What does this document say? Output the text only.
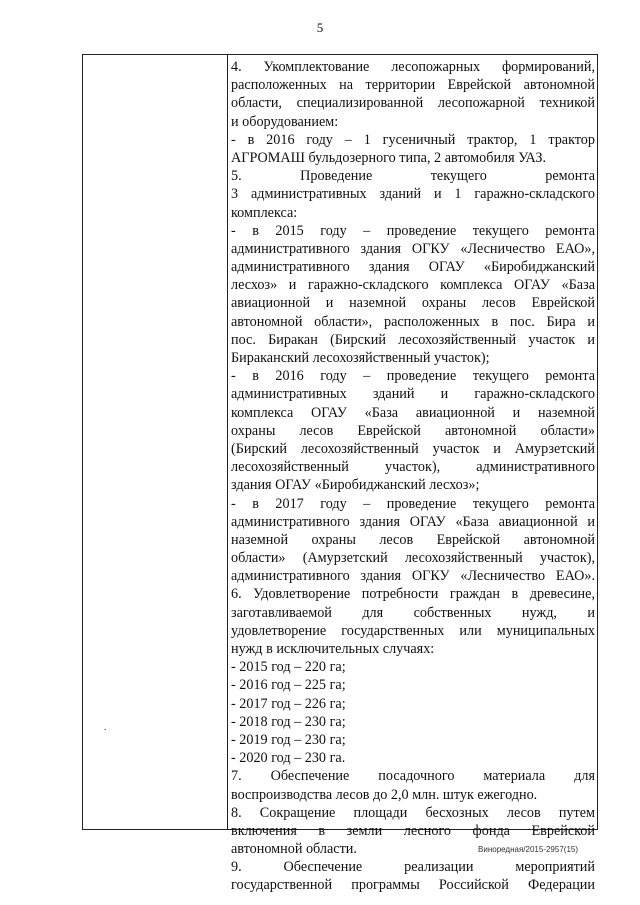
5
4. Укомплектование лесопожарных формирований,
расположенных на территории Еврейской автономной
области, специализированной лесопожарной техникой
и оборудованием:
- в 2016 году – 1 гусеничный трактор, 1 трактор
АГРОМАШ бульдозерного типа, 2 автомобиля УАЗ.
5. Проведение текущего ремонта
3 административных зданий и 1 гаражно-складского
комплекса:
- в 2015 году – проведение текущего ремонта
административного здания ОГКУ «Лесничество ЕАО»,
административного здания ОГАУ «Биробиджанский
лесхоз» и гаражно-складского комплекса ОГАУ «База
авиационной и наземной охраны лесов Еврейской
автономной области», расположенных в пос. Бира и
пос. Биракан (Бирский лесохозяйственный участок и
Бираканский лесохозяйственный участок);
- в 2016 году – проведение текущего ремонта
административных зданий и гаражно-складского
комплекса ОГАУ «База авиационной и наземной
охраны лесов Еврейской автономной области»
(Бирский лесохозяйственный участок и Амурзетский
лесохозяйственный участок), административного
здания ОГАУ «Биробиджанский лесхоз»;
- в 2017 году – проведение текущего ремонта
административного здания ОГАУ «База авиационной и
наземной охраны лесов Еврейской автономной
области» (Амурзетский лесохозяйственный участок),
административного здания ОГКУ «Лесничество ЕАО».
6. Удовлетворение потребности граждан в древесине,
заготавливаемой для собственных нужд, и
удовлетворение государственных или муниципальных
нужд в исключительных случаях:
- 2015 год – 220 га;
- 2016 год – 225 га;
- 2017 год – 226 га;
- 2018 год – 230 га;
- 2019 год – 230 га;
- 2020 год – 230 га.
7. Обеспечение посадочного материала для
воспроизводства лесов до 2,0 млн. штук ежегодно.
8. Сокращение площади бесхозных лесов путем
включения в земли лесного фонда Еврейской
автономной области.
9. Обеспечение реализации мероприятий
государственной программы Российской Федерации
.
Виноредная/2015-2957(15)
